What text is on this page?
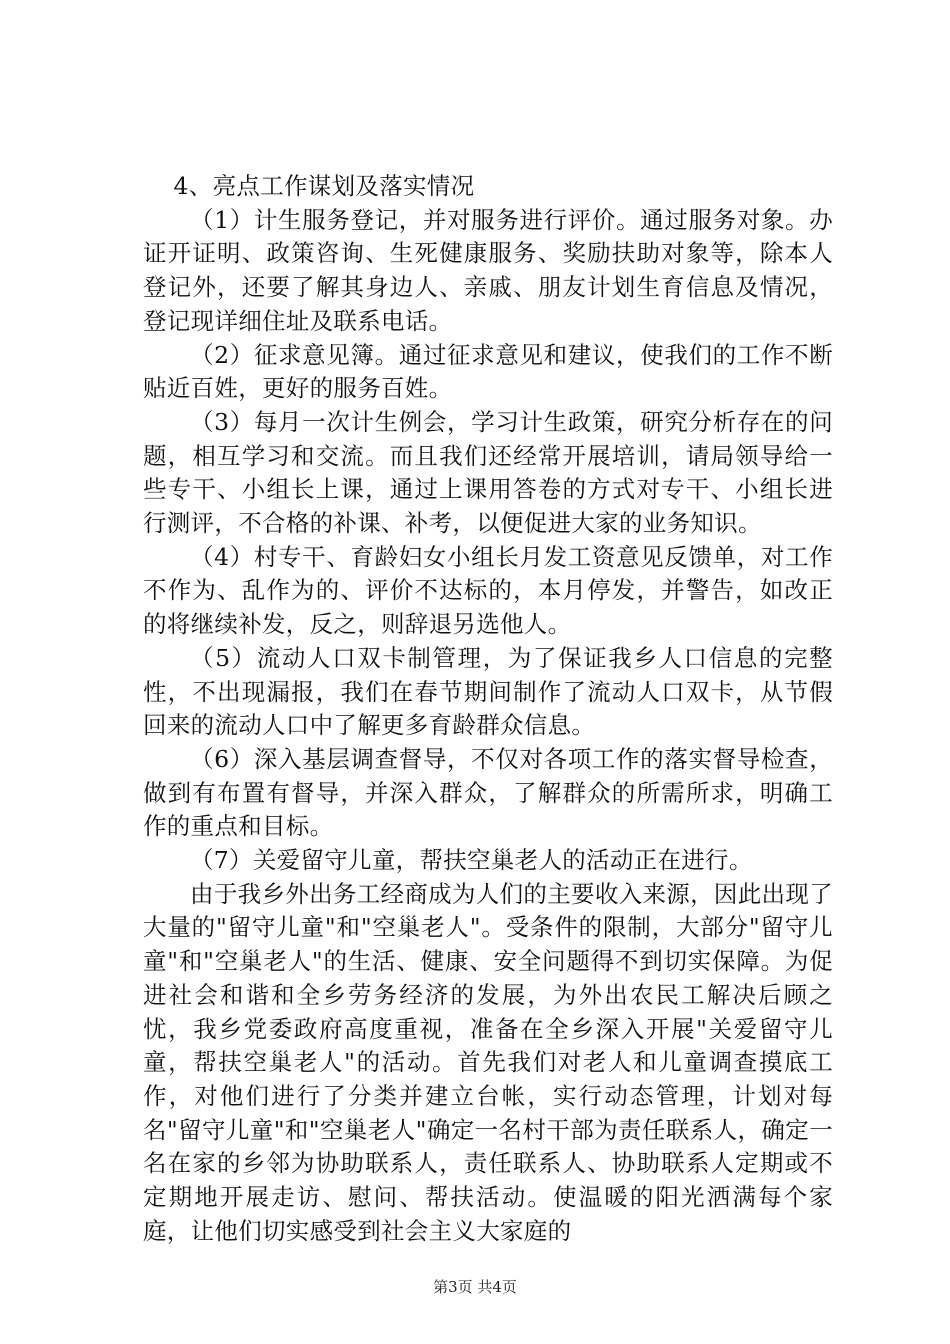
4、亮点工作谋划及落实情况

（1）计生服务登记，并对服务进行评价。通过服务对象。办证开证明、政策咨询、生死健康服务、奖励扶助对象等，除本人登记外，还要了解其身边人、亲戚、朋友计划生育信息及情况，登记现详细住址及联系电话。

（2）征求意见簿。通过征求意见和建议，使我们的工作不断贴近百姓，更好的服务百姓。

（3）每月一次计生例会，学习计生政策，研究分析存在的问题，相互学习和交流。而且我们还经常开展培训，请局领导给一些专干、小组长上课，通过上课用答卷的方式对专干、小组长进行测评，不合格的补课、补考，以便促进大家的业务知识。

（4）村专干、育龄妇女小组长月发工资意见反馈单，对工作不作为、乱作为的、评价不达标的，本月停发，并警告，如改正的将继续补发，反之，则辞退另选他人。

（5）流动人口双卡制管理，为了保证我乡人口信息的完整性，不出现漏报，我们在春节期间制作了流动人口双卡，从节假回来的流动人口中了解更多育龄群众信息。

（6）深入基层调查督导，不仅对各项工作的落实督导检查，做到有布置有督导，并深入群众，了解群众的所需所求，明确工作的重点和目标。

（7）关爱留守儿童，帮扶空巢老人的活动正在进行。

由于我乡外出务工经商成为人们的主要收入来源，因此出现了大量的"留守儿童"和"空巢老人"。受条件的限制，大部分"留守儿童"和"空巢老人"的生活、健康、安全问题得不到切实保障。为促进社会和谐和全乡劳务经济的发展，为外出农民工解决后顾之忧，我乡党委政府高度重视，准备在全乡深入开展"关爱留守儿童，帮扶空巢老人"的活动。首先我们对老人和儿童调查摸底工作，对他们进行了分类并建立台帐，实行动态管理，计划对每名"留守儿童"和"空巢老人"确定一名村干部为责任联系人，确定一名在家的乡邻为协助联系人，责任联系人、协助联系人定期或不定期地开展走访、慰问、帮扶活动。使温暖的阳光洒满每个家庭，让他们切实感受到社会主义大家庭的

第3页 共4页
